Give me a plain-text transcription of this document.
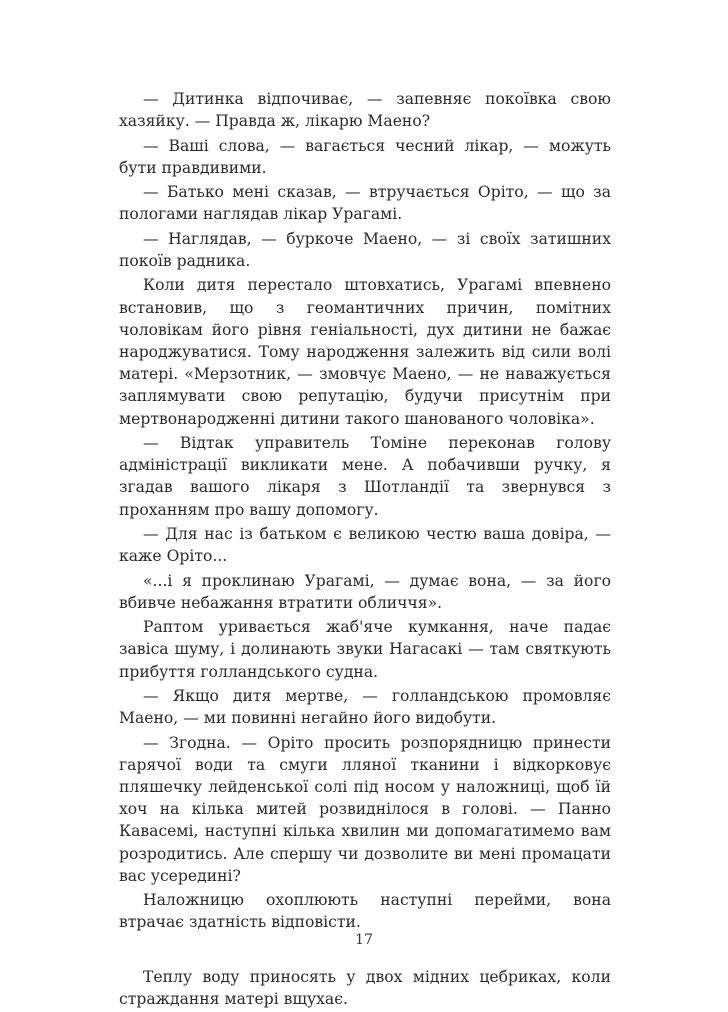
— Дитинка відпочиває, — запевняє покоївка свою хазяйку. — Правда ж, лікарю Маено?

— Ваші слова, — вагається чесний лікар, — можуть бути правдивими.

— Батько мені сказав, — втручається Оріто, — що за пологами наглядав лікар Урагамі.

— Наглядав, — буркоче Маено, — зі своїх затишних покоїв радника.

Коли дитя перестало штовхатись, Урагамі впевнено встановив, що з геомантичних причин, помітних чоловікам його рівня геніальності, дух дитини не бажає народжуватися. Тому народження залежить від сили волі матері. «Мерзотник, — змовчує Маено, — не наважується заплямувати свою репутацію, будучи присутнім при мертвонародженні дитини такого шанованого чоловіка».

— Відтак управитель Томіне переконав голову адміністрації викликати мене. А побачивши ручку, я згадав вашого лікаря з Шотландії та звернувся з проханням про вашу допомогу.

— Для нас із батьком є великою честю ваша довіра, — каже Оріто...

«...і я проклинаю Урагамі, — думає вона, — за його вбивче небажання втратити обличчя».

Раптом уривається жаб'яче кумкання, наче падає завіса шуму, і долинають звуки Нагасакі — там святкують прибуття голландського судна.

— Якщо дитя мертве, — голландською промовляє Маено, — ми повинні негайно його видобути.

— Згодна. — Оріто просить розпорядницю принести гарячої води та смуги лляної тканини і відкорковує пляшечку лейденської солі під носом у наложниці, щоб їй хоч на кілька митей розвиднілося в голові. — Панно Кавасемі, наступні кілька хвилин ми допомагатимемо вам розродитись. Але спершу чи дозволите ви мені промацати вас усередині?

Наложницю охоплюють наступні перейми, вона втрачає здатність відповісти.

Теплу воду приносять у двох мідних цебриках, коли страждання матері вщухає.

17
